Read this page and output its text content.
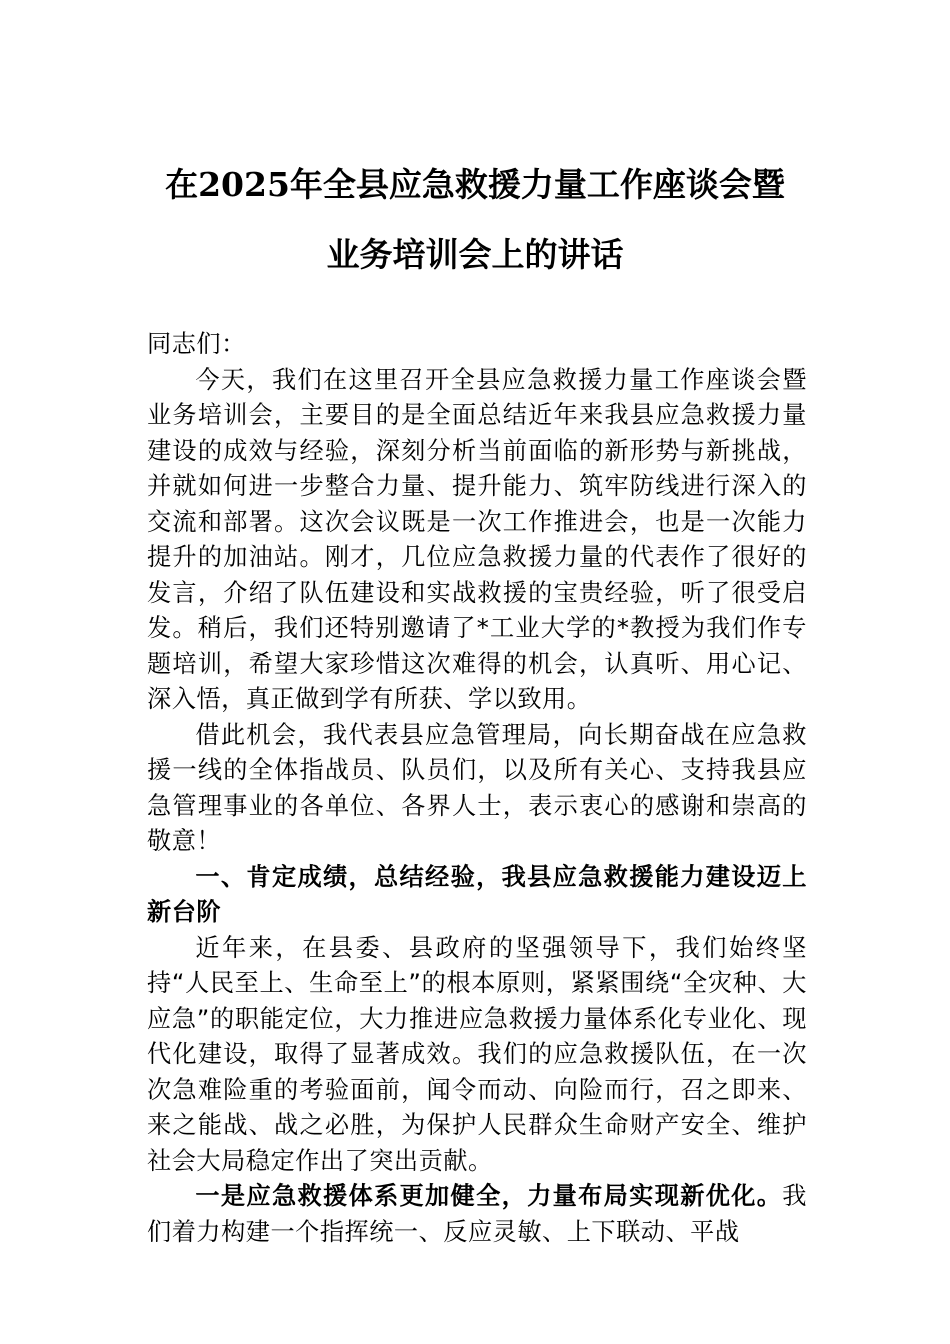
在2025年全县应急救援力量工作座谈会暨
业务培训会上的讲话

同志们：

今天，我们在这里召开全县应急救援力量工作座谈会暨业务培训会，主要目的是全面总结近年来我县应急救援力量建设的成效与经验，深刻分析当前面临的新形势与新挑战，并就如何进一步整合力量、提升能力、筑牢防线进行深入的交流和部署。这次会议既是一次工作推进会，也是一次能力提升的加油站。刚才，几位应急救援力量的代表作了很好的发言，介绍了队伍建设和实战救援的宝贵经验，听了很受启发。稍后，我们还特别邀请了*工业大学的*教授为我们作专题培训，希望大家珍惜这次难得的机会，认真听、用心记、深入悟，真正做到学有所获、学以致用。

借此机会，我代表县应急管理局，向长期奋战在应急救援一线的全体指战员、队员们，以及所有关心、支持我县应急管理事业的各单位、各界人士，表示衷心的感谢和崇高的敬意！

一、肯定成绩，总结经验，我县应急救援能力建设迈上新台阶

近年来，在县委、县政府的坚强领导下，我们始终坚持“人民至上、生命至上”的根本原则，紧紧围绕“全灾种、大应急”的职能定位，大力推进应急救援力量体系化专业化、现代化建设，取得了显著成效。我们的应急救援队伍，在一次次急难险重的考验面前，闻令而动、向险而行，召之即来、来之能战、战之必胜，为保护人民群众生命财产安全、维护社会大局稳定作出了突出贡献。

一是应急救援体系更加健全，力量布局实现新优化。我们着力构建一个指挥统一、反应灵敏、上下联动、平战
